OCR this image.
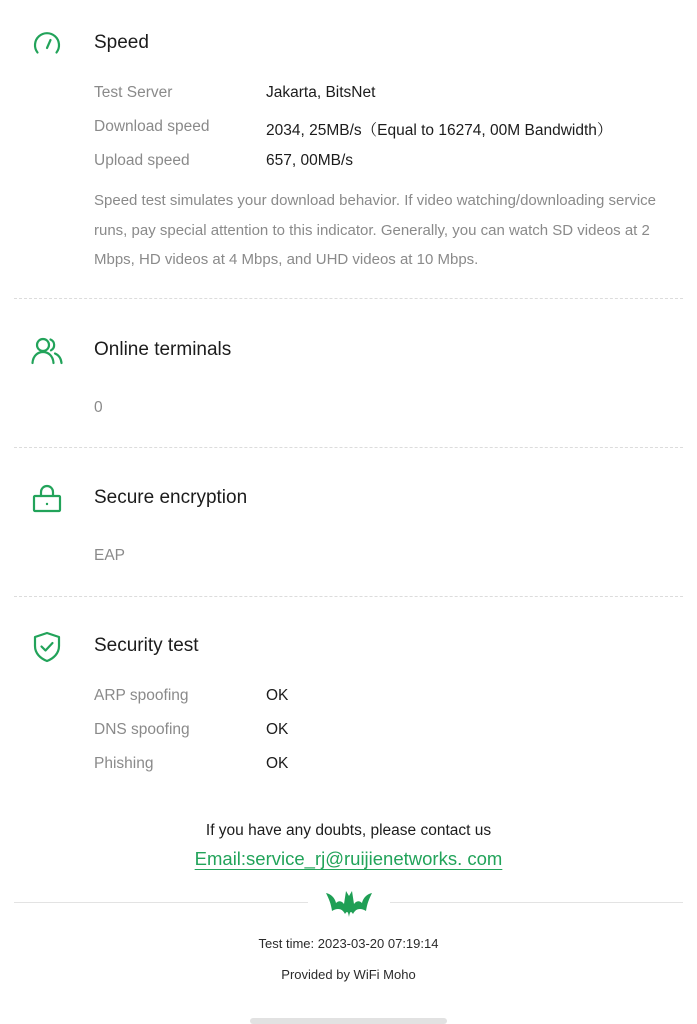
Speed
Test Server	Jakarta, BitsNet
Download speed	2034, 25MB/s（Equal to 16274, 00M Bandwidth）
Upload speed	657, 00MB/s
Speed test simulates your download behavior. If video watching/downloading service runs, pay special attention to this indicator. Generally, you can watch SD videos at 2 Mbps, HD videos at 4 Mbps, and UHD videos at 10 Mbps.
Online terminals
0
Secure encryption
EAP
Security test
ARP spoofing	OK
DNS spoofing	OK
Phishing	OK
If you have any doubts, please contact us
Email:service_rj@ruijienetworks. com
Test time: 2023-03-20 07:19:14
Provided by WiFi Moho
